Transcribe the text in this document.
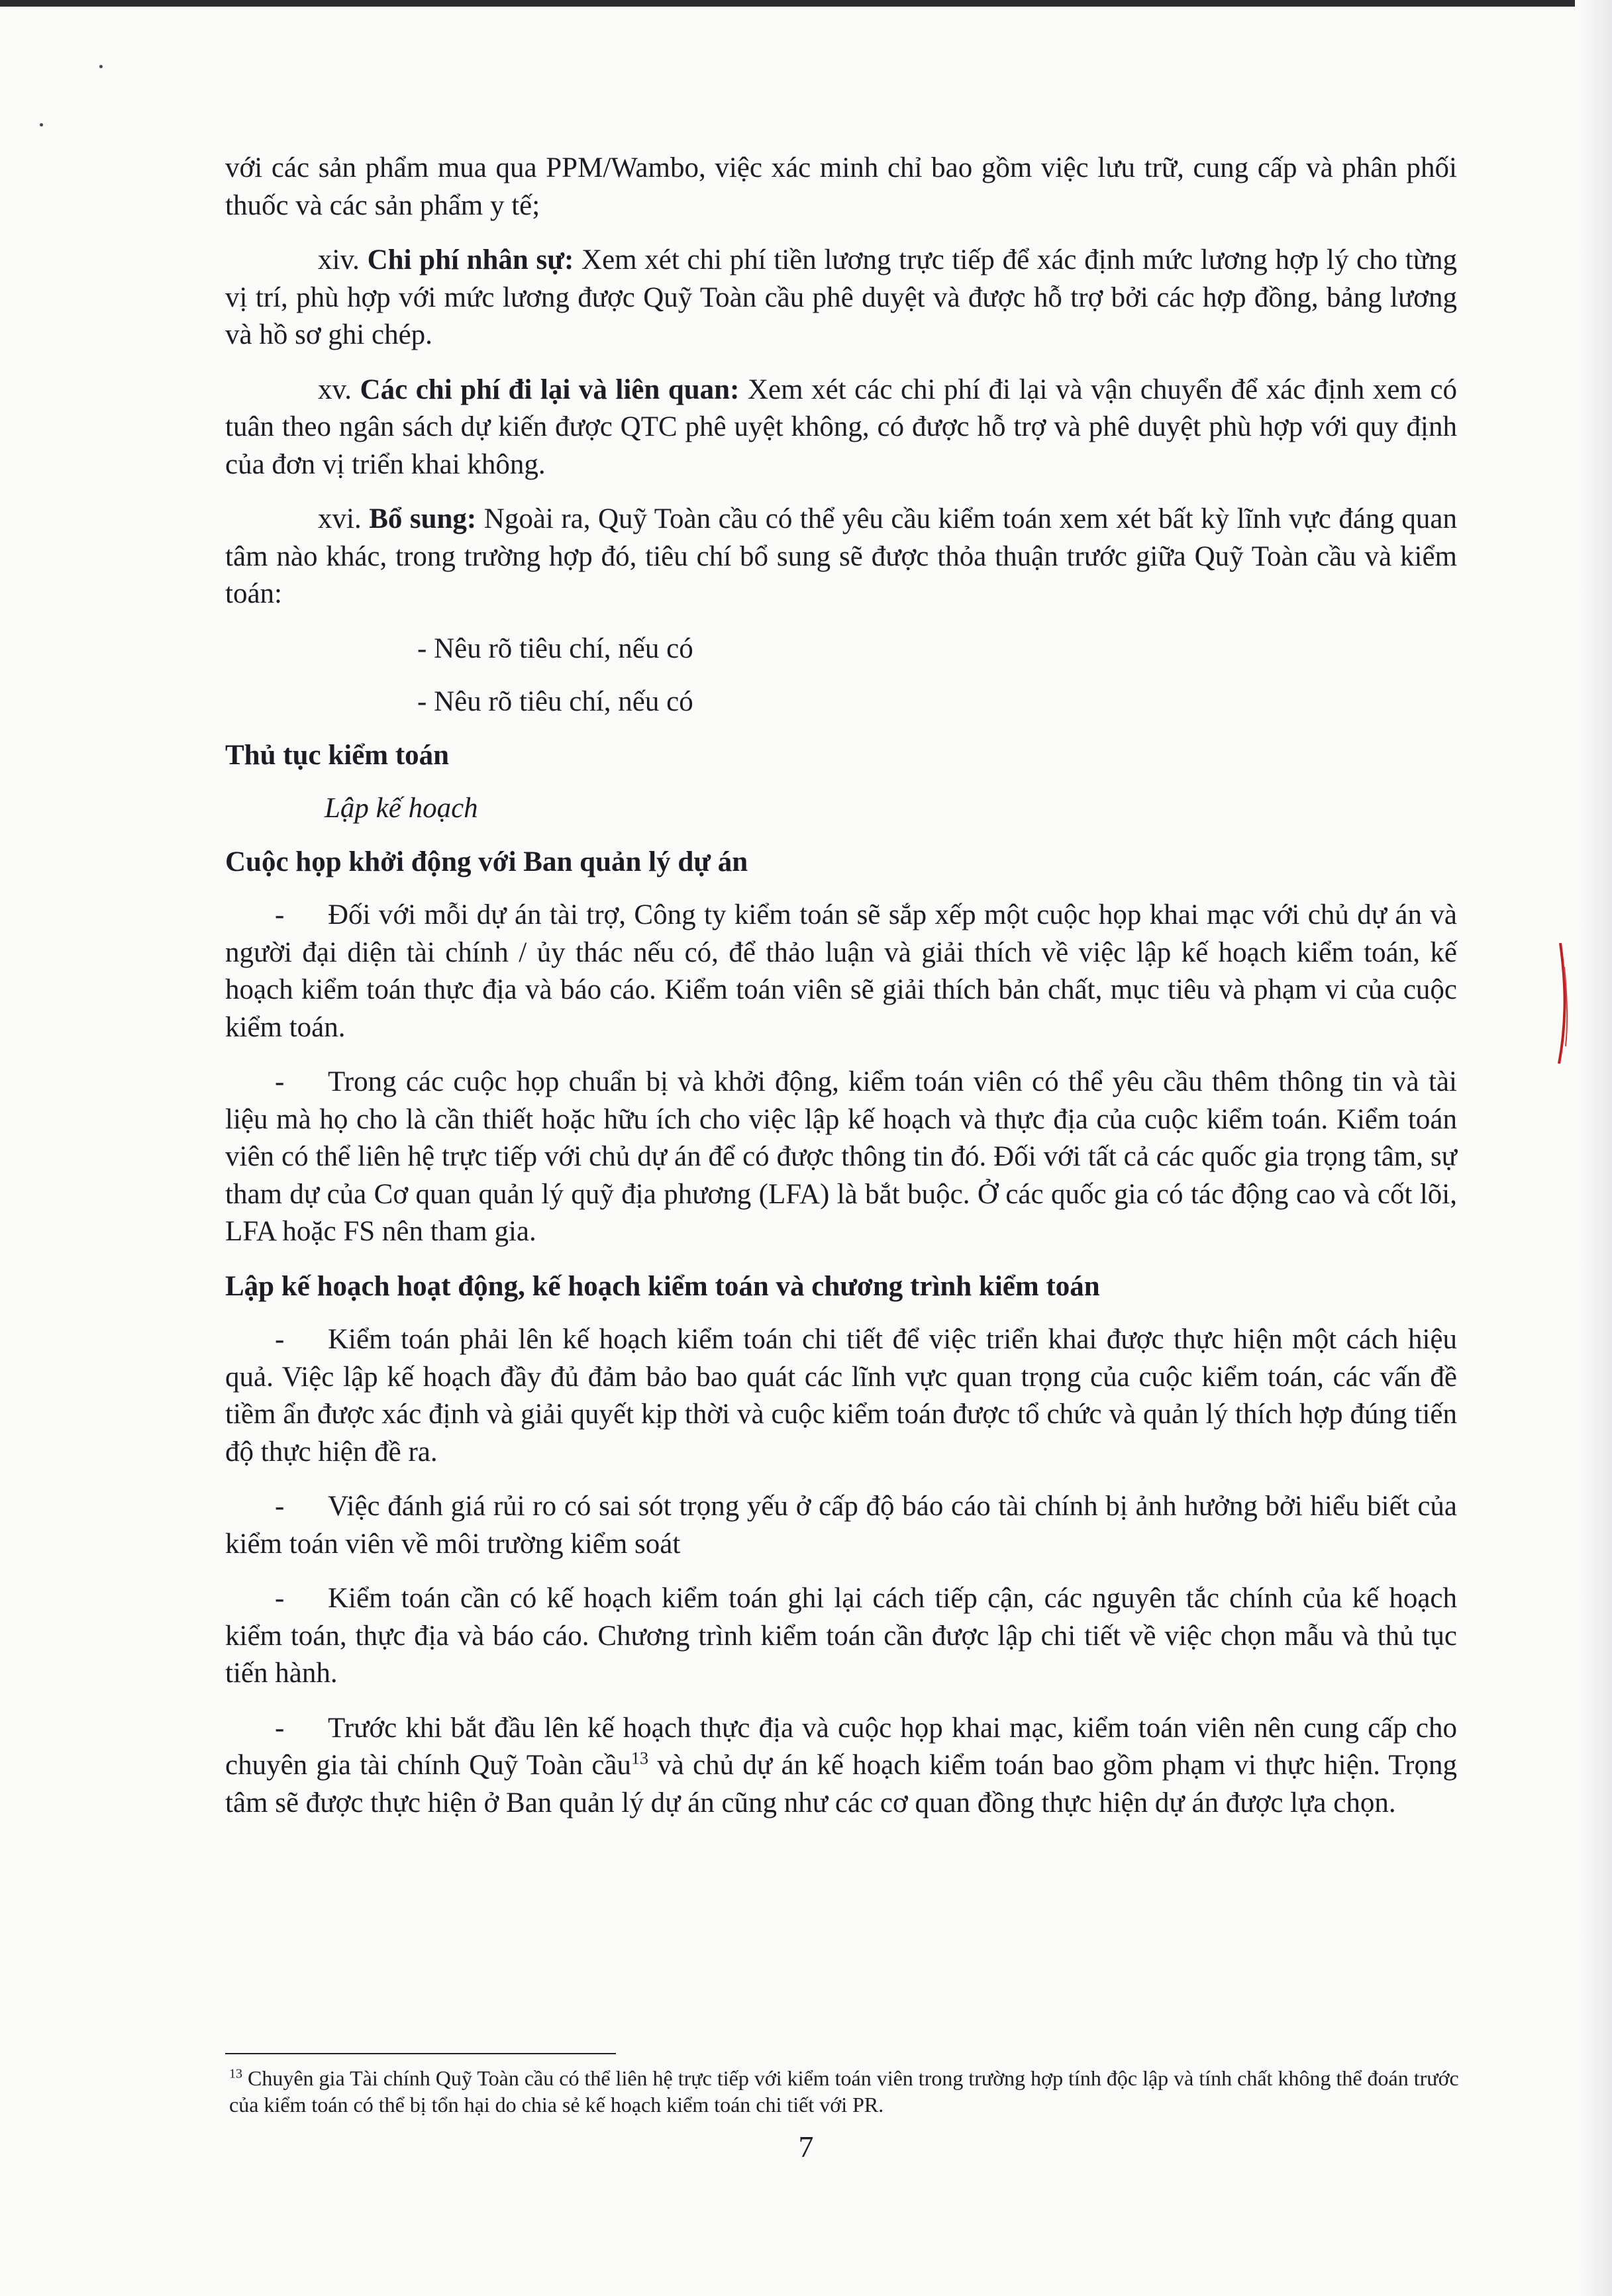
với các sản phẩm mua qua PPM/Wambo, việc xác minh chỉ bao gồm việc lưu trữ, cung cấp và phân phối thuốc và các sản phẩm y tế;

xiv. Chi phí nhân sự: Xem xét chi phí tiền lương trực tiếp để xác định mức lương hợp lý cho từng vị trí, phù hợp với mức lương được Quỹ Toàn cầu phê duyệt và được hỗ trợ bởi các hợp đồng, bảng lương và hồ sơ ghi chép.

xv. Các chi phí đi lại và liên quan: Xem xét các chi phí đi lại và vận chuyển để xác định xem có tuân theo ngân sách dự kiến được QTC phê uyệt không, có được hỗ trợ và phê duyệt phù hợp với quy định của đơn vị triển khai không.

xvi. Bổ sung: Ngoài ra, Quỹ Toàn cầu có thể yêu cầu kiểm toán xem xét bất kỳ lĩnh vực đáng quan tâm nào khác, trong trường hợp đó, tiêu chí bổ sung sẽ được thỏa thuận trước giữa Quỹ Toàn cầu và kiểm toán:

- Nêu rõ tiêu chí, nếu có

- Nêu rõ tiêu chí, nếu có

Thủ tục kiểm toán

Lập kế hoạch

Cuộc họp khởi động với Ban quản lý dự án

- Đối với mỗi dự án tài trợ, Công ty kiểm toán sẽ sắp xếp một cuộc họp khai mạc với chủ dự án và người đại diện tài chính / ủy thác nếu có, để thảo luận và giải thích về việc lập kế hoạch kiểm toán, kế hoạch kiểm toán thực địa và báo cáo. Kiểm toán viên sẽ giải thích bản chất, mục tiêu và phạm vi của cuộc kiểm toán.

- Trong các cuộc họp chuẩn bị và khởi động, kiểm toán viên có thể yêu cầu thêm thông tin và tài liệu mà họ cho là cần thiết hoặc hữu ích cho việc lập kế hoạch và thực địa của cuộc kiểm toán. Kiểm toán viên có thể liên hệ trực tiếp với chủ dự án để có được thông tin đó. Đối với tất cả các quốc gia trọng tâm, sự tham dự của Cơ quan quản lý quỹ địa phương (LFA) là bắt buộc. Ở các quốc gia có tác động cao và cốt lõi, LFA hoặc FS nên tham gia.

Lập kế hoạch hoạt động, kế hoạch kiểm toán và chương trình kiểm toán

- Kiểm toán phải lên kế hoạch kiểm toán chi tiết để việc triển khai được thực hiện một cách hiệu quả. Việc lập kế hoạch đầy đủ đảm bảo bao quát các lĩnh vực quan trọng của cuộc kiểm toán, các vấn đề tiềm ẩn được xác định và giải quyết kịp thời và cuộc kiểm toán được tổ chức và quản lý thích hợp đúng tiến độ thực hiện đề ra.

- Việc đánh giá rủi ro có sai sót trọng yếu ở cấp độ báo cáo tài chính bị ảnh hưởng bởi hiểu biết của kiểm toán viên về môi trường kiểm soát

- Kiểm toán cần có kế hoạch kiểm toán ghi lại cách tiếp cận, các nguyên tắc chính của kế hoạch kiểm toán, thực địa và báo cáo. Chương trình kiểm toán cần được lập chi tiết về việc chọn mẫu và thủ tục tiến hành.

- Trước khi bắt đầu lên kế hoạch thực địa và cuộc họp khai mạc, kiểm toán viên nên cung cấp cho chuyên gia tài chính Quỹ Toàn cầu$^{13}$ và chủ dự án kế hoạch kiểm toán bao gồm phạm vi thực hiện. Trọng tâm sẽ được thực hiện ở Ban quản lý dự án cũng như các cơ quan đồng thực hiện dự án được lựa chọn.

$^{13}$ Chuyên gia Tài chính Quỹ Toàn cầu có thể liên hệ trực tiếp với kiểm toán viên trong trường hợp tính độc lập và tính chất không thể đoán trước của kiểm toán có thể bị tổn hại do chia sẻ kế hoạch kiểm toán chi tiết với PR.
7
